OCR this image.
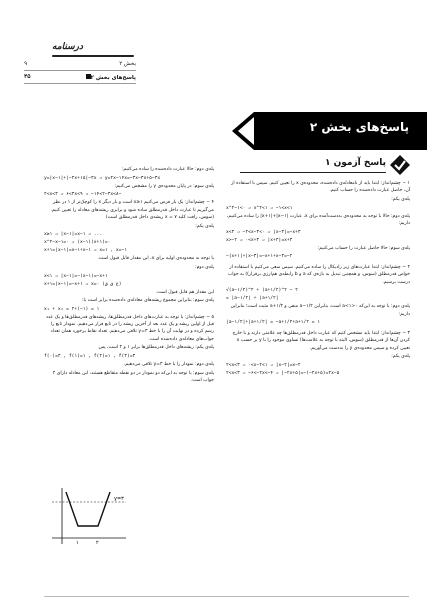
درسنامه
۹	بخش ۲
۴۵	پاسخ‌های بخش ۲
پاسخ‌های بخش ۲
پاسخ آزمون ۱
۱ − چشم‌انداز: ابتدا باید از نامعادله‌ی داده‌شده، محدوده‌ی x را تعیین کنیم. سپس با استفاده از آن، حاصل عبارت داده‌شده را حساب کنیم.
پله‌ی یکم:
x^۲−۱<۰ ⇒ x^۲<۱ ⇒ −۱<x<۱
پله‌ی دوم: حالا با توجه به محدوده‌ی به‌دست‌آمده برای x، عبارت |x+۱|+|x−۱| را ساده می‌کنیم، داریم:
x<۳ ⇒ −۲<x−۳<۰ ⇒ |x−۳|=−x+۳
x>−۲ ⇒ ۰<x+۳ ⇒ |x+۳|=x+۳
پله‌ی سوم: حالا حاصل عبارت را حساب می‌کنیم:
−|x+۱|+|x−۳|=−x+۱+x−۳=−۲
۲ − چشم‌انداز: ابتدا عبارت‌های زیر رادیکال را ساده می‌کنیم. سپس سعی می‌کنیم با استفاده از خواص قدرمطلق (سوس، و همچنین تبدیل به بازه‌ی که a و b رابطه‌ی هم‌ارزی برقرار)) به جواب درست برسیم.
√(a−۱/۲)^۲ + (a+۱/۲)^۲ − ۲
= |a−۱/۲| + |a+۱/۲|
پله‌ی دوم: با توجه به این‌که ۰<a<۱ است، بنابراین a−۱/۲ منفی و a+۱/۲ مثبت است؛ بنابراین داریم:
|a−۱/۲|+|a+۱/۲| = −a+۱/۲+a+۱/۲ = ۱
۳ − چشم‌انداز: ابتدا باید مشخص کنیم که عبارت داخل قدرمطلق‌ها چه علامتی دارند و با خارج کردن آن‌ها از قدرمطلق (سوس، البته با توجه به علامت‌ها) تساوی موجود را با y بر حسب x تعیین کرده و سپس محدوده‌ی y را به‌دست می‌آوریم.
پله‌ی یکم:
۲<x<۳ ⇒ ۰<x−۲<۱ ⇒ |x−۲|=x−۲
۲<x<۳ ⇒ −۶<−۲x<−۴ ⇒ |−۲x+۵|=−(−۲x+۵)=۲x−۵
پله‌ی دوم: حالا عبارت داده‌شده را ساده می‌کنیم:
y=|x−۱|+|−۲x+۱۵|−۳x ⇒ y=۲x−۱۴x=−۳x−۳x+۵−۳x
پله‌ی سوم: در پایان محدوده‌ی y را مشخص می‌کنیم:
۲<x<۳ ⇒ ۶<۳x<۹ ⇒ −۱۴<۲−۳x<۸−
۴ − چشم‌انداز: یک بار فرض می‌کنیم x≥۱ است و بار دیگر x را کوچک‌تر از ۱ در نظر می‌گیریم تا عبارت داخل قدرمطلق ساده شود و برابری ریشه‌های معادله را تعیین کنیم. (سوس، رافت کلید ۷ = x ریشه‌ی داخل قدرمطلق است)
پله‌ی یکم:
x≥۱ ⇒ |x−۱|=x−۱ ⇒ ...
x^۲−x−۱=۰ ⇒ (x−۱)(x+۱)=۰
x+۱=|x−۱|=x−۱+x−۱ ⇒ x=۱ , x=−۱
با توجه به محدوده‌ی اولیه برای x، این مقدار قابل قبول است.
پله‌ی دوم:
x<۱ ⇒ |x−۱|=−(x−۱)=−x+۱
x+۱=|x−۱|=−x+۱ ⇒ x=۰ (غ ق ق)
این مقدار هم قابل قبول است.
پله‌ی سوم: بنابراین مجموع ریشه‌های معادله‌ی داده‌شده برابر است با:
x₁ + x₂ = ۲+(−۱) = ۱
۵ − چشم‌انداز: با توجه به عبارت‌های داخل قدرمطلق‌ها، ریشه‌های قدرمطلق‌ها و یک عدد قبل از اولین ریشه و یک عدد بعد از آخرین ریشه را در تابع قرار می‌دهیم. نمودار تابع را رسم کرده و در نهایت آن را با خط y=۳ تلاقی می‌دهیم. تعداد نقاط برخورد همان تعداد جواب‌های معادله‌ی داده‌شده است.
پله‌ی یکم: ریشه‌های داخل قدرمطلق‌ها برابر ۱ و ۲ است، پس
f(۰)=۳ , f(۱)=۱ , f(۲)=۱ , f(۳)=۳
پله‌ی دوم: نمودار را با خط y=۳ تلاقی می‌دهیم.
پله‌ی سوم: با توجه به این‌که دو نمودار در دو نقطه متقاطع هستند، این معادله دارای ۲ جواب است.
y=۳
۱	۲
